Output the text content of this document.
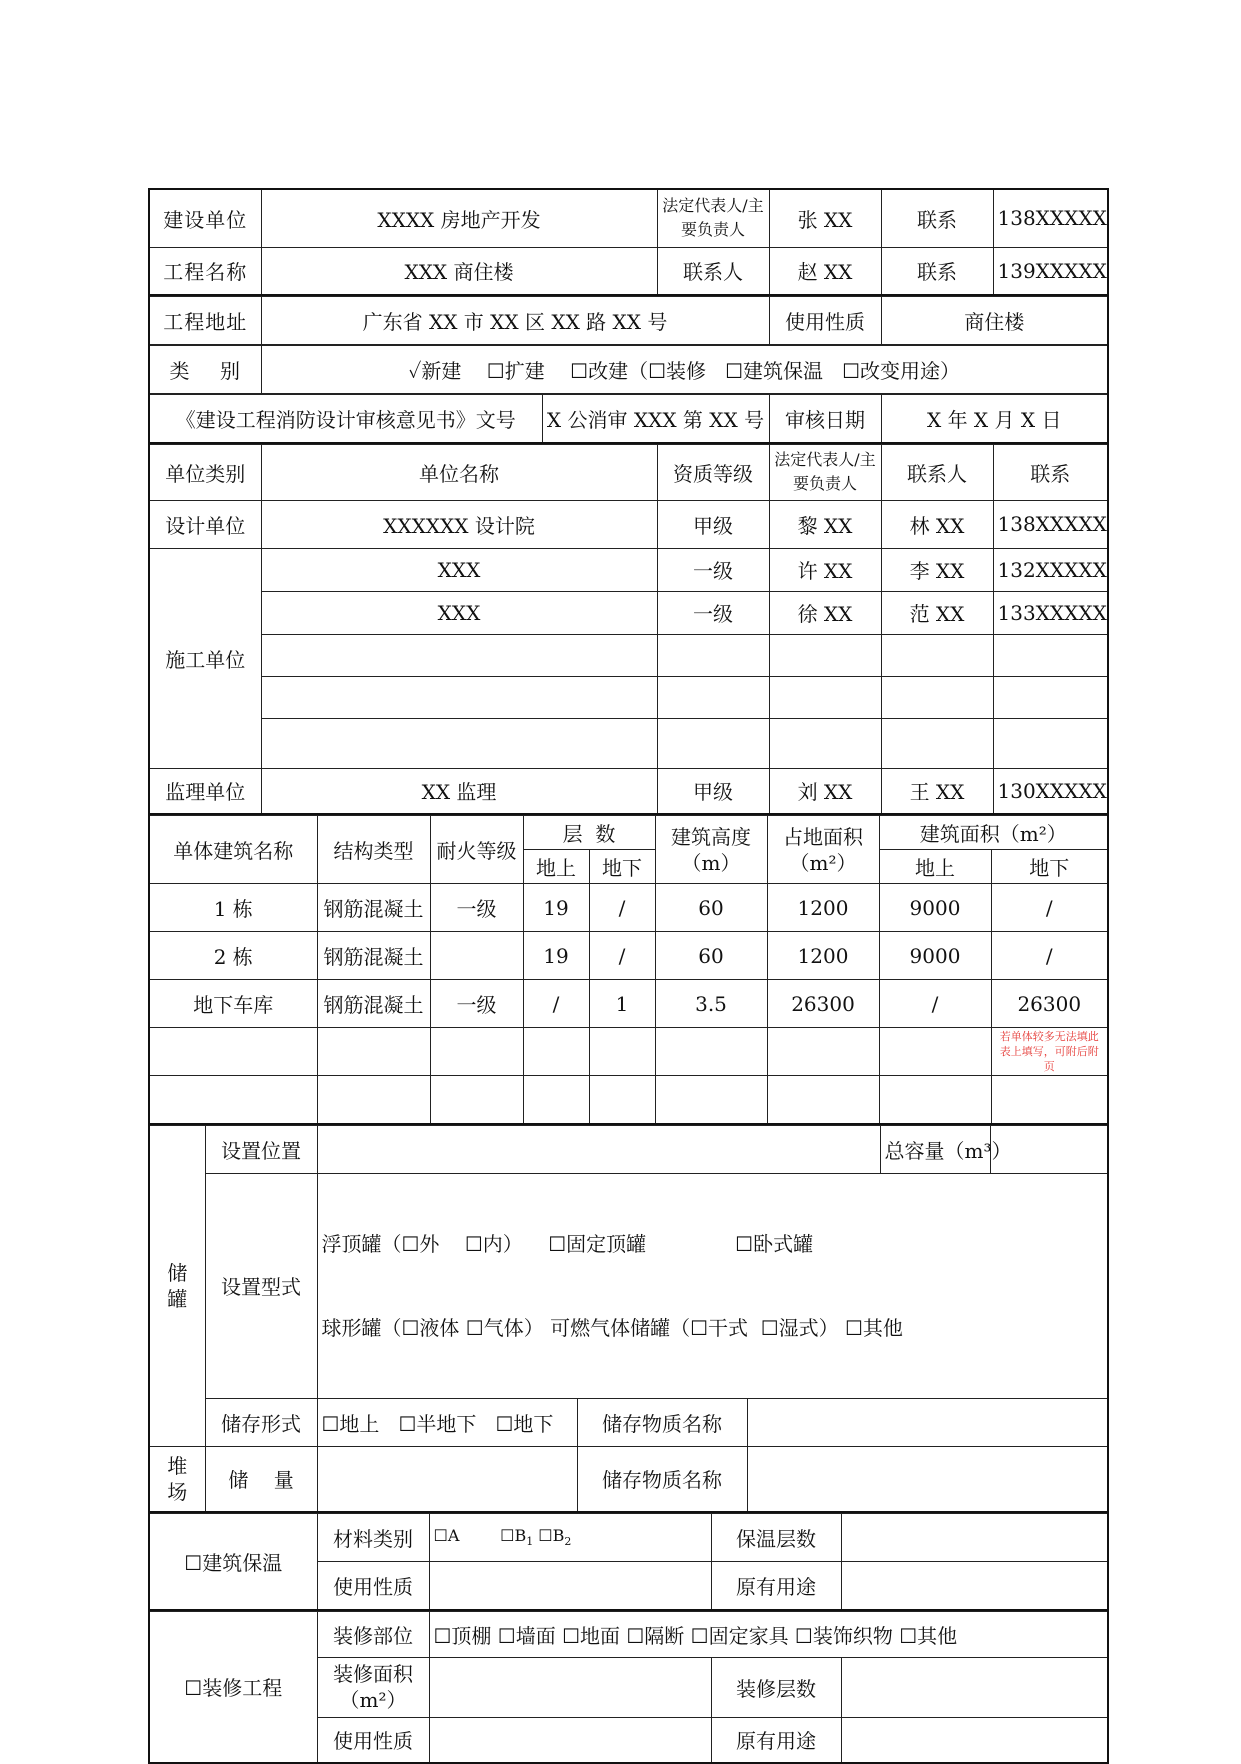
建设单位	XXXX 房地产开发	法定代表人/主要负责人	张 XX	联系	138XXXXX
工程名称	XXX 商住楼	联系人	赵 XX	联系	139XXXXX
工程地址	广东省 XX 市 XX 区 XX 路 XX 号	使用性质	商住楼
类    别	✓新建    ☐扩建    ☐改建（☐装修   ☐建筑保温   ☐改变用途）
《建设工程消防设计审核意见书》文号	X 公消审 XXX 第 XX 号	审核日期	X 年 X 月 X 日
单位类别	单位名称	资质等级	法定代表人/主要负责人	联系人	联系
设计单位	XXXXXX 设计院	甲级	黎 XX	林 XX	138XXXXX
施工单位	XXX	一级	许 XX	李 XX	132XXXXX
	XXX	一级	徐 XX	范 XX	133XXXXX

监理单位	XX 监理	甲级	刘 XX	王 XX	130XXXXX
单体建筑名称	结构类型	耐火等级	层  数		建筑高度（m）	占地面积（m²）	建筑面积（m²）	
			地上	地下			地上	地下
1 栋	钢筋混凝土	一级	19	/	60	1200	9000	/
2 栋	钢筋混凝土		19	/	60	1200	9000	/
地下车库	钢筋混凝土	一级	/	1	3.5	26300	/	26300
								若单体较多无法填此表上填写，可附后附页

储罐	设置位置				总容量（m³）	
	设置型式	浮顶罐（☐外    ☐内）    ☐固定顶罐              ☐卧式罐

球形罐（☐液体 ☐气体） 可燃气体储罐（☐干式  ☐湿式） ☐其他				

	储存形式	☐地上   ☐半地下   ☐地下	储存物质名称			
堆场	储    量		储存物质名称			
☐建筑保温	材料类别	☐A $☐B_1$ $☐B_2$	保温层数	
	使用性质		原有用途	
☐装修工程	装修部位	☐顶棚 ☐墙面 ☐地面 ☐隔断 ☐固定家具 ☐装饰织物 ☐其他		
	装修面积（m²）		装修层数	
	使用性质		原有用途	
